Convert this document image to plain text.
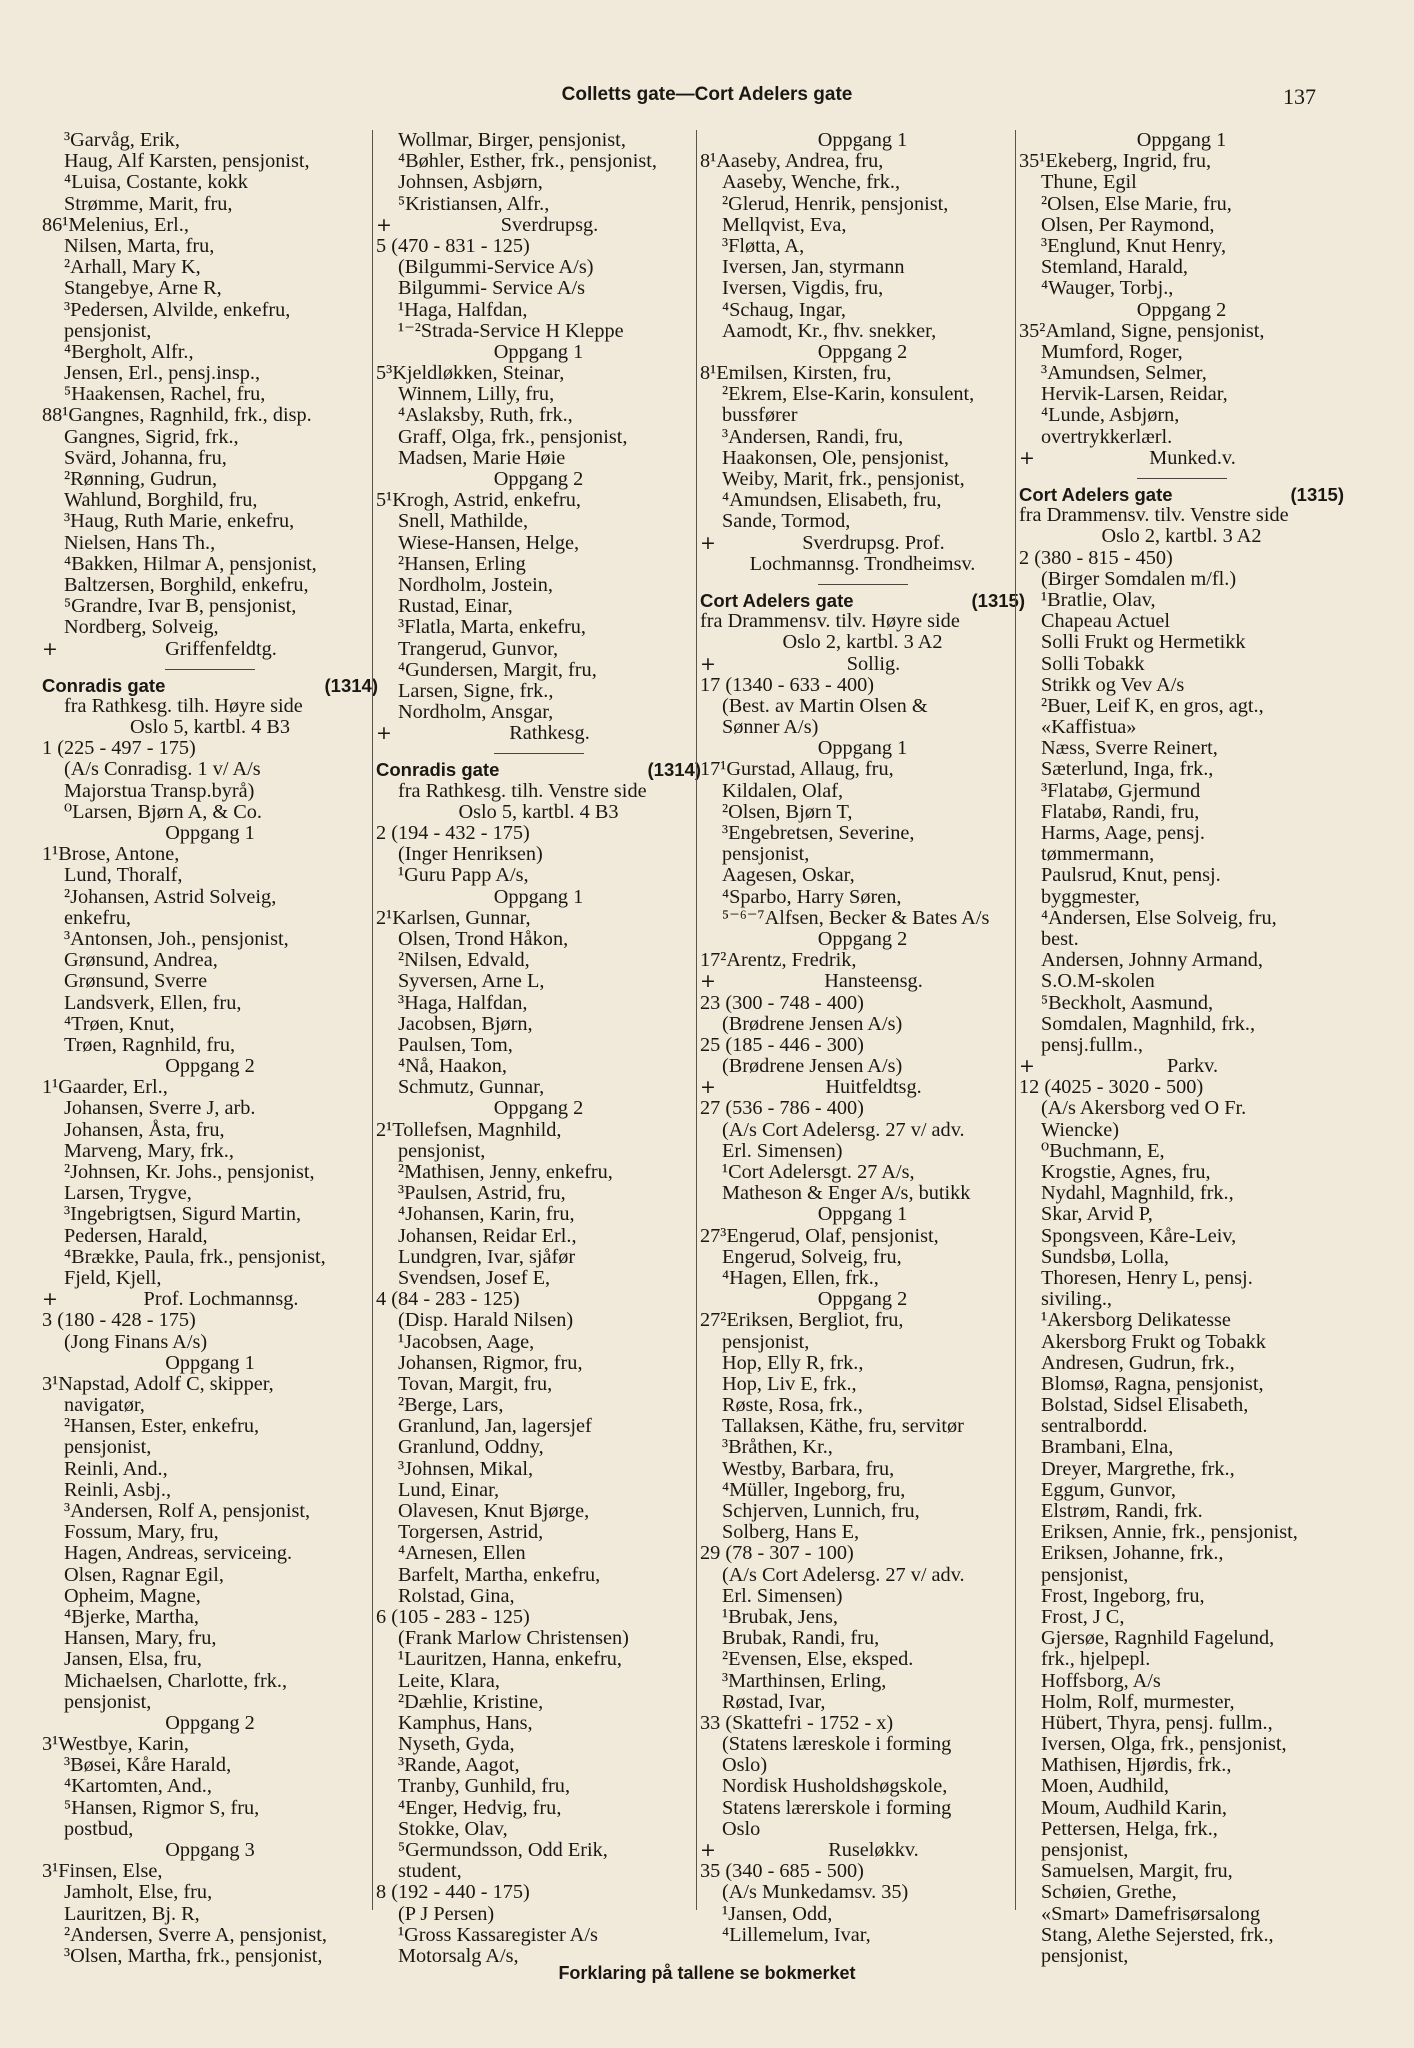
Colletts gate—Cort Adelers gate	137
³Garvåg, Erik,
Haug, Alf Karsten, pensjonist,
⁴Luisa, Costante, kokk
Strømme, Marit, fru,
86¹Melenius, Erl.,
Nilsen, Marta, fru,
²Arhall, Mary K,
Stangebye, Arne R,
³Pedersen, Alvilde, enkefru,
pensjonist,
⁴Bergholt, Alfr.,
Jensen, Erl., pensj.insp.,
⁵Haakensen, Rachel, fru,
88¹Gangnes, Ragnhild, frk., disp.
Gangnes, Sigrid, frk.,
Svärd, Johanna, fru,
²Rønning, Gudrun,
Wahlund, Borghild, fru,
³Haug, Ruth Marie, enkefru,
Nielsen, Hans Th.,
⁴Bakken, Hilmar A, pensjonist,
Baltzersen, Borghild, enkefru,
⁵Grandre, Ivar B, pensjonist,
Nordberg, Solveig,
+	Griffenfeldtg.
Conradis gate	(1314)
fra Rathkesg. tilh. Høyre side
Oslo 5, kartbl. 4 B3
1 (225 - 497 - 175)
(A/s Conradisg. 1 v/ A/s
Majorstua Transp.byrå)
⁰Larsen, Bjørn A, & Co.
Oppgang 1
1¹Brose, Antone,
Lund, Thoralf,
²Johansen, Astrid Solveig,
enkefru,
³Antonsen, Joh., pensjonist,
Grønsund, Andrea,
Grønsund, Sverre
Landsverk, Ellen, fru,
⁴Trøen, Knut,
Trøen, Ragnhild, fru,
Oppgang 2
1¹Gaarder, Erl.,
Johansen, Sverre J, arb.
Johansen, Åsta, fru,
Marveng, Mary, frk.,
²Johnsen, Kr. Johs., pensjonist,
Larsen, Trygve,
³Ingebrigtsen, Sigurd Martin,
Pedersen, Harald,
⁴Brække, Paula, frk., pensjonist,
Fjeld, Kjell,
+	Prof. Lochmannsg.
3 (180 - 428 - 175)
(Jong Finans A/s)
Oppgang 1
3¹Napstad, Adolf C, skipper,
navigatør,
²Hansen, Ester, enkefru,
pensjonist,
Reinli, And.,
Reinli, Asbj.,
³Andersen, Rolf A, pensjonist,
Fossum, Mary, fru,
Hagen, Andreas, serviceing.
Olsen, Ragnar Egil,
Opheim, Magne,
⁴Bjerke, Martha,
Hansen, Mary, fru,
Jansen, Elsa, fru,
Michaelsen, Charlotte, frk.,
pensjonist,
Oppgang 2
3¹Westbye, Karin,
³Bøsei, Kåre Harald,
⁴Kartomten, And.,
⁵Hansen, Rigmor S, fru,
postbud,
Oppgang 3
3¹Finsen, Else,
Jamholt, Else, fru,
Lauritzen, Bj. R,
²Andersen, Sverre A, pensjonist,
³Olsen, Martha, frk., pensjonist,
Wollmar, Birger, pensjonist,
⁴Bøhler, Esther, frk., pensjonist,
Johnsen, Asbjørn,
⁵Kristiansen, Alfr.,
+	Sverdrupsg.
5 (470 - 831 - 125)
(Bilgummi-Service A/s)
Bilgummi- Service A/s
¹Haga, Halfdan,
¹⁻²Strada-Service H Kleppe
Oppgang 1
5³Kjeldløkken, Steinar,
Winnem, Lilly, fru,
⁴Aslaksby, Ruth, frk.,
Graff, Olga, frk., pensjonist,
Madsen, Marie Høie
Oppgang 2
5¹Krogh, Astrid, enkefru,
Snell, Mathilde,
Wiese-Hansen, Helge,
²Hansen, Erling
Nordholm, Jostein,
Rustad, Einar,
³Flatla, Marta, enkefru,
Trangerud, Gunvor,
⁴Gundersen, Margit, fru,
Larsen, Signe, frk.,
Nordholm, Ansgar,
+	Rathkesg.
Conradis gate	(1314)
fra Rathkesg. tilh. Venstre side
Oslo 5, kartbl. 4 B3
2 (194 - 432 - 175)
(Inger Henriksen)
¹Guru Papp A/s,
Oppgang 1
2¹Karlsen, Gunnar,
Olsen, Trond Håkon,
²Nilsen, Edvald,
Syversen, Arne L,
³Haga, Halfdan,
Jacobsen, Bjørn,
Paulsen, Tom,
⁴Nå, Haakon,
Schmutz, Gunnar,
Oppgang 2
2¹Tollefsen, Magnhild,
pensjonist,
²Mathisen, Jenny, enkefru,
³Paulsen, Astrid, fru,
⁴Johansen, Karin, fru,
Johansen, Reidar Erl.,
Lundgren, Ivar, sjåfør
Svendsen, Josef E,
4 (84 - 283 - 125)
(Disp. Harald Nilsen)
¹Jacobsen, Aage,
Johansen, Rigmor, fru,
Tovan, Margit, fru,
²Berge, Lars,
Granlund, Jan, lagersjef
Granlund, Oddny,
³Johnsen, Mikal,
Lund, Einar,
Olavesen, Knut Bjørge,
Torgersen, Astrid,
⁴Arnesen, Ellen
Barfelt, Martha, enkefru,
Rolstad, Gina,
6 (105 - 283 - 125)
(Frank Marlow Christensen)
¹Lauritzen, Hanna, enkefru,
Leite, Klara,
²Dæhlie, Kristine,
Kamphus, Hans,
Nyseth, Gyda,
³Rande, Aagot,
Tranby, Gunhild, fru,
⁴Enger, Hedvig, fru,
Stokke, Olav,
⁵Germundsson, Odd Erik,
student,
8 (192 - 440 - 175)
(P J Persen)
¹Gross Kassaregister A/s
Motorsalg A/s,
Oppgang 1
8¹Aaseby, Andrea, fru,
Aaseby, Wenche, frk.,
²Glerud, Henrik, pensjonist,
Mellqvist, Eva,
³Fløtta, A,
Iversen, Jan, styrmann
Iversen, Vigdis, fru,
⁴Schaug, Ingar,
Aamodt, Kr., fhv. snekker,
Oppgang 2
8¹Emilsen, Kirsten, fru,
²Ekrem, Else-Karin, konsulent,
bussfører
³Andersen, Randi, fru,
Haakonsen, Ole, pensjonist,
Weiby, Marit, frk., pensjonist,
⁴Amundsen, Elisabeth, fru,
Sande, Tormod,
+	Sverdrupsg. Prof.
Lochmannsg. Trondheimsv.
Cort Adelers gate	(1315)
fra Drammensv. tilv. Høyre side
Oslo 2, kartbl. 3 A2
+	Sollig.
17 (1340 - 633 - 400)
(Best. av Martin Olsen &
Sønner A/s)
Oppgang 1
17¹Gurstad, Allaug, fru,
Kildalen, Olaf,
²Olsen, Bjørn T,
³Engebretsen, Severine,
pensjonist,
Aagesen, Oskar,
⁴Sparbo, Harry Søren,
⁵⁻⁶⁻⁷Alfsen, Becker & Bates A/s
Oppgang 2
17²Arentz, Fredrik,
+	Hansteensg.
23 (300 - 748 - 400)
(Brødrene Jensen A/s)
25 (185 - 446 - 300)
(Brødrene Jensen A/s)
+	Huitfeldtsg.
27 (536 - 786 - 400)
(A/s Cort Adelersg. 27 v/ adv.
Erl. Simensen)
¹Cort Adelersgt. 27 A/s,
Matheson & Enger A/s, butikk
Oppgang 1
27³Engerud, Olaf, pensjonist,
Engerud, Solveig, fru,
⁴Hagen, Ellen, frk.,
Oppgang 2
27²Eriksen, Bergliot, fru,
pensjonist,
Hop, Elly R, frk.,
Hop, Liv E, frk.,
Røste, Rosa, frk.,
Tallaksen, Käthe, fru, servitør
³Bråthen, Kr.,
Westby, Barbara, fru,
⁴Müller, Ingeborg, fru,
Schjerven, Lunnich, fru,
Solberg, Hans E,
29 (78 - 307 - 100)
(A/s Cort Adelersg. 27 v/ adv.
Erl. Simensen)
¹Brubak, Jens,
Brubak, Randi, fru,
²Evensen, Else, eksped.
³Marthinsen, Erling,
Røstad, Ivar,
33 (Skattefri - 1752 - x)
(Statens læreskole i forming
Oslo)
Nordisk Husholdshøgskole,
Statens lærerskole i forming
Oslo
+	Ruseløkkv.
35 (340 - 685 - 500)
(A/s Munkedamsv. 35)
¹Jansen, Odd,
⁴Lillemelum, Ivar,
Oppgang 1
35¹Ekeberg, Ingrid, fru,
Thune, Egil
²Olsen, Else Marie, fru,
Olsen, Per Raymond,
³Englund, Knut Henry,
Stemland, Harald,
⁴Wauger, Torbj.,
Oppgang 2
35²Amland, Signe, pensjonist,
Mumford, Roger,
³Amundsen, Selmer,
Hervik-Larsen, Reidar,
⁴Lunde, Asbjørn,
overtrykkerlærl.
+	Munked.v.
Cort Adelers gate	(1315)
fra Drammensv. tilv. Venstre side
Oslo 2, kartbl. 3 A2
2 (380 - 815 - 450)
(Birger Somdalen m/fl.)
¹Bratlie, Olav,
Chapeau Actuel
Solli Frukt og Hermetikk
Solli Tobakk
Strikk og Vev A/s
²Buer, Leif K, en gros, agt.,
«Kaffistua»
Næss, Sverre Reinert,
Sæterlund, Inga, frk.,
³Flatabø, Gjermund
Flatabø, Randi, fru,
Harms, Aage, pensj.
tømmermann,
Paulsrud, Knut, pensj.
byggmester,
⁴Andersen, Else Solveig, fru,
best.
Andersen, Johnny Armand,
S.O.M-skolen
⁵Beckholt, Aasmund,
Somdalen, Magnhild, frk.,
pensj.fullm.,
+	Parkv.
12 (4025 - 3020 - 500)
(A/s Akersborg ved O Fr.
Wiencke)
⁰Buchmann, E,
Krogstie, Agnes, fru,
Nydahl, Magnhild, frk.,
Skar, Arvid P,
Spongsveen, Kåre-Leiv,
Sundsbø, Lolla,
Thoresen, Henry L, pensj.
siviling.,
¹Akersborg Delikatesse
Akersborg Frukt og Tobakk
Andresen, Gudrun, frk.,
Blomsø, Ragna, pensjonist,
Bolstad, Sidsel Elisabeth,
sentralbordd.
Brambani, Elna,
Dreyer, Margrethe, frk.,
Eggum, Gunvor,
Elstrøm, Randi, frk.
Eriksen, Annie, frk., pensjonist,
Eriksen, Johanne, frk.,
pensjonist,
Frost, Ingeborg, fru,
Frost, J C,
Gjersøe, Ragnhild Fagelund,
frk., hjelpepl.
Hoffsborg, A/s
Holm, Rolf, murmester,
Hübert, Thyra, pensj. fullm.,
Iversen, Olga, frk., pensjonist,
Mathisen, Hjørdis, frk.,
Moen, Audhild,
Moum, Audhild Karin,
Pettersen, Helga, frk.,
pensjonist,
Samuelsen, Margit, fru,
Schøien, Grethe,
«Smart» Damefrisørsalong
Stang, Alethe Sejersted, frk.,
pensjonist,
Forklaring på tallene se bokmerket
